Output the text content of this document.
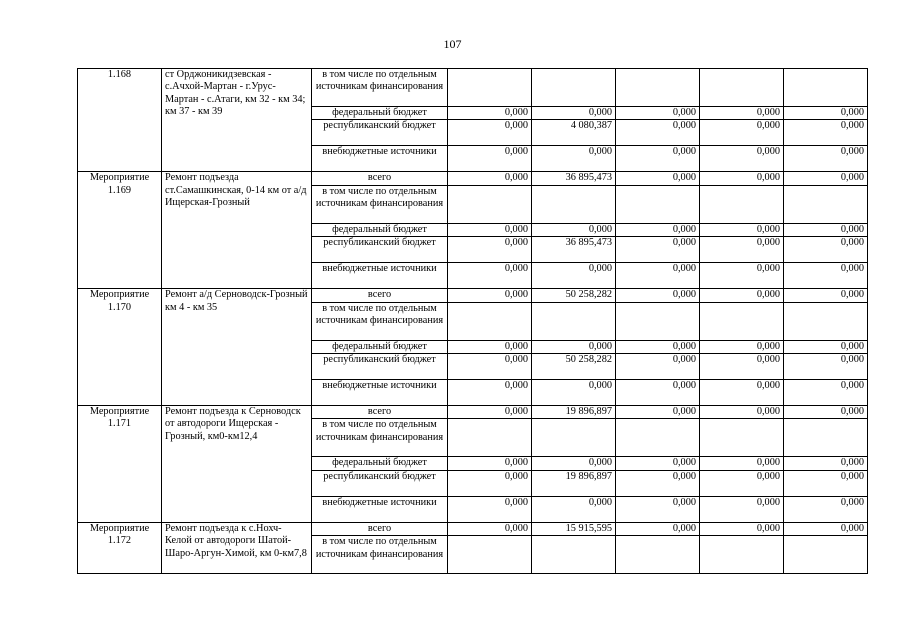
107
1.168	ст Орджоникидзевская - с.Ачхой-Мартан - г.Урус-Мартан - с.Атаги, км 32 - км 34; км 37 - км 39	в том числе по отдельным источникам финансирования					
		федеральный бюджет	0,000	0,000	0,000	0,000	0,000
		республиканский бюджет	0,000	4 080,387	0,000	0,000	0,000
		внебюджетные источники	0,000	0,000	0,000	0,000	0,000
Мероприятие 1.169	Ремонт подъезда ст.Самашкинская, 0-14 км от а/д Ищерская-Грозный	всего	0,000	36 895,473	0,000	0,000	0,000
		в том числе по отдельным источникам финансирования					
		федеральный бюджет	0,000	0,000	0,000	0,000	0,000
		республиканский бюджет	0,000	36 895,473	0,000	0,000	0,000
		внебюджетные источники	0,000	0,000	0,000	0,000	0,000
Мероприятие 1.170	Ремонт а/д Серноводск-Грозный км 4 - км 35	всего	0,000	50 258,282	0,000	0,000	0,000
		в том числе по отдельным источникам финансирования					
		федеральный бюджет	0,000	0,000	0,000	0,000	0,000
		республиканский бюджет	0,000	50 258,282	0,000	0,000	0,000
		внебюджетные источники	0,000	0,000	0,000	0,000	0,000
Мероприятие 1.171	Ремонт подъезда к Серноводск от автодороги Ищерская - Грозный, км0-км12,4	всего	0,000	19 896,897	0,000	0,000	0,000
		в том числе по отдельным источникам финансирования					
		федеральный бюджет	0,000	0,000	0,000	0,000	0,000
		республиканский бюджет	0,000	19 896,897	0,000	0,000	0,000
		внебюджетные источники	0,000	0,000	0,000	0,000	0,000
Мероприятие 1.172	Ремонт подъезда к с.Нохч-Келой от автодороги Шатой-Шаро-Аргун-Химой, км 0-км7,8	всего	0,000	15 915,595	0,000	0,000	0,000
		в том числе по отдельным источникам финансирования					
